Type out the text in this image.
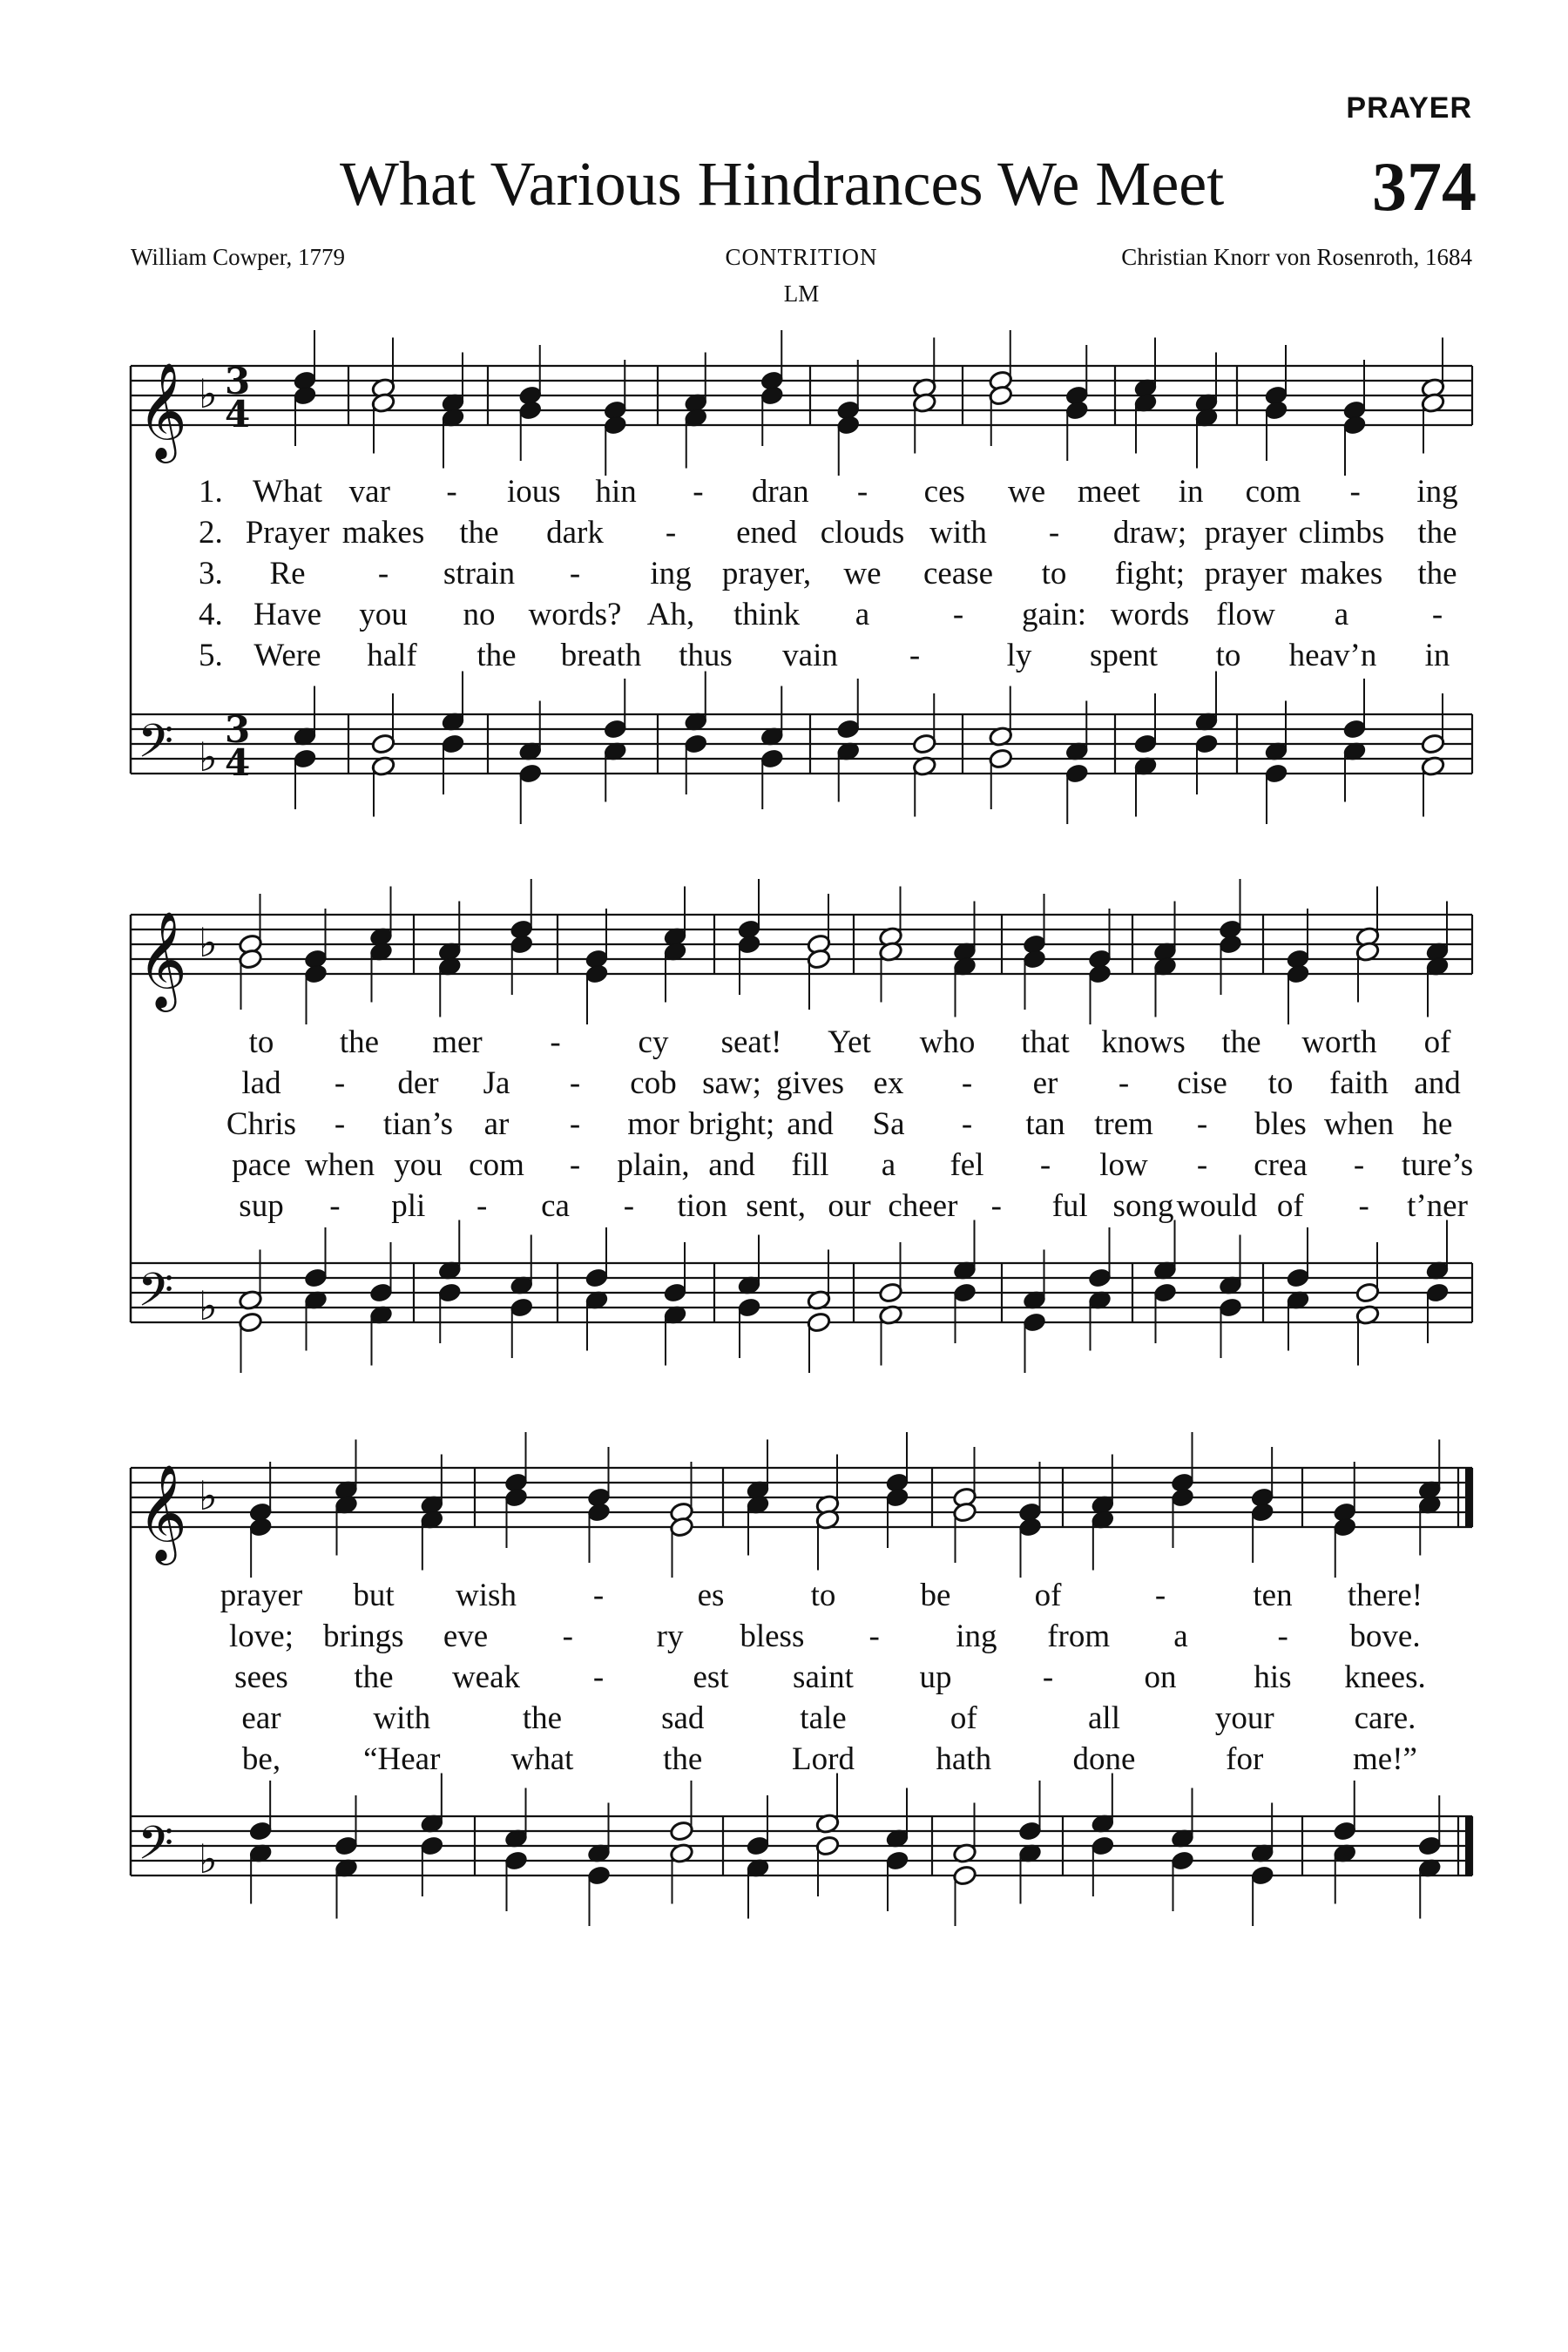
PRAYER
What Various Hindrances We Meet	374
William Cowper, 1779	CONTRITION
LM
Christian Knorr von Rosenroth, 1684
𝄞 ♭
𝄢 ♭
3
4
3
4
𝄞 ♭
𝄢 ♭
𝄞 ♭
𝄢 ♭
1. What var - ious hin - dran - ces we meet in com - ing
2. Prayer makes the dark - ened clouds with - draw; prayer climbs the
3. Re - strain - ing prayer, we cease to fight; prayer makes the
4. Have you no words? Ah, think a	- gain: words flow a	-
5. Were half the breath thus vain -	ly spent to heav’n in
to the mer - cy seat! Yet who that knows the worth of
lad - der Ja - cob saw; gives ex - er - cise to faith and
Chris - tian’s ar - mor bright; and Sa - tan trem - bles when he
pace when you com - plain, and fill a fel - low - crea - ture’s
sup - pli - ca - tion sent, our cheer - ful song would of - t’ner
prayer but wish -	es	to	be	of	-	ten there!
love; brings eve -	ry bless - ing from a	- bove.
sees the weak -	est saint up	-	on his knees.
ear	with	the	sad	tale	of	all	your care.
be,	“Hear what	the	Lord	hath	done	for	me!”
